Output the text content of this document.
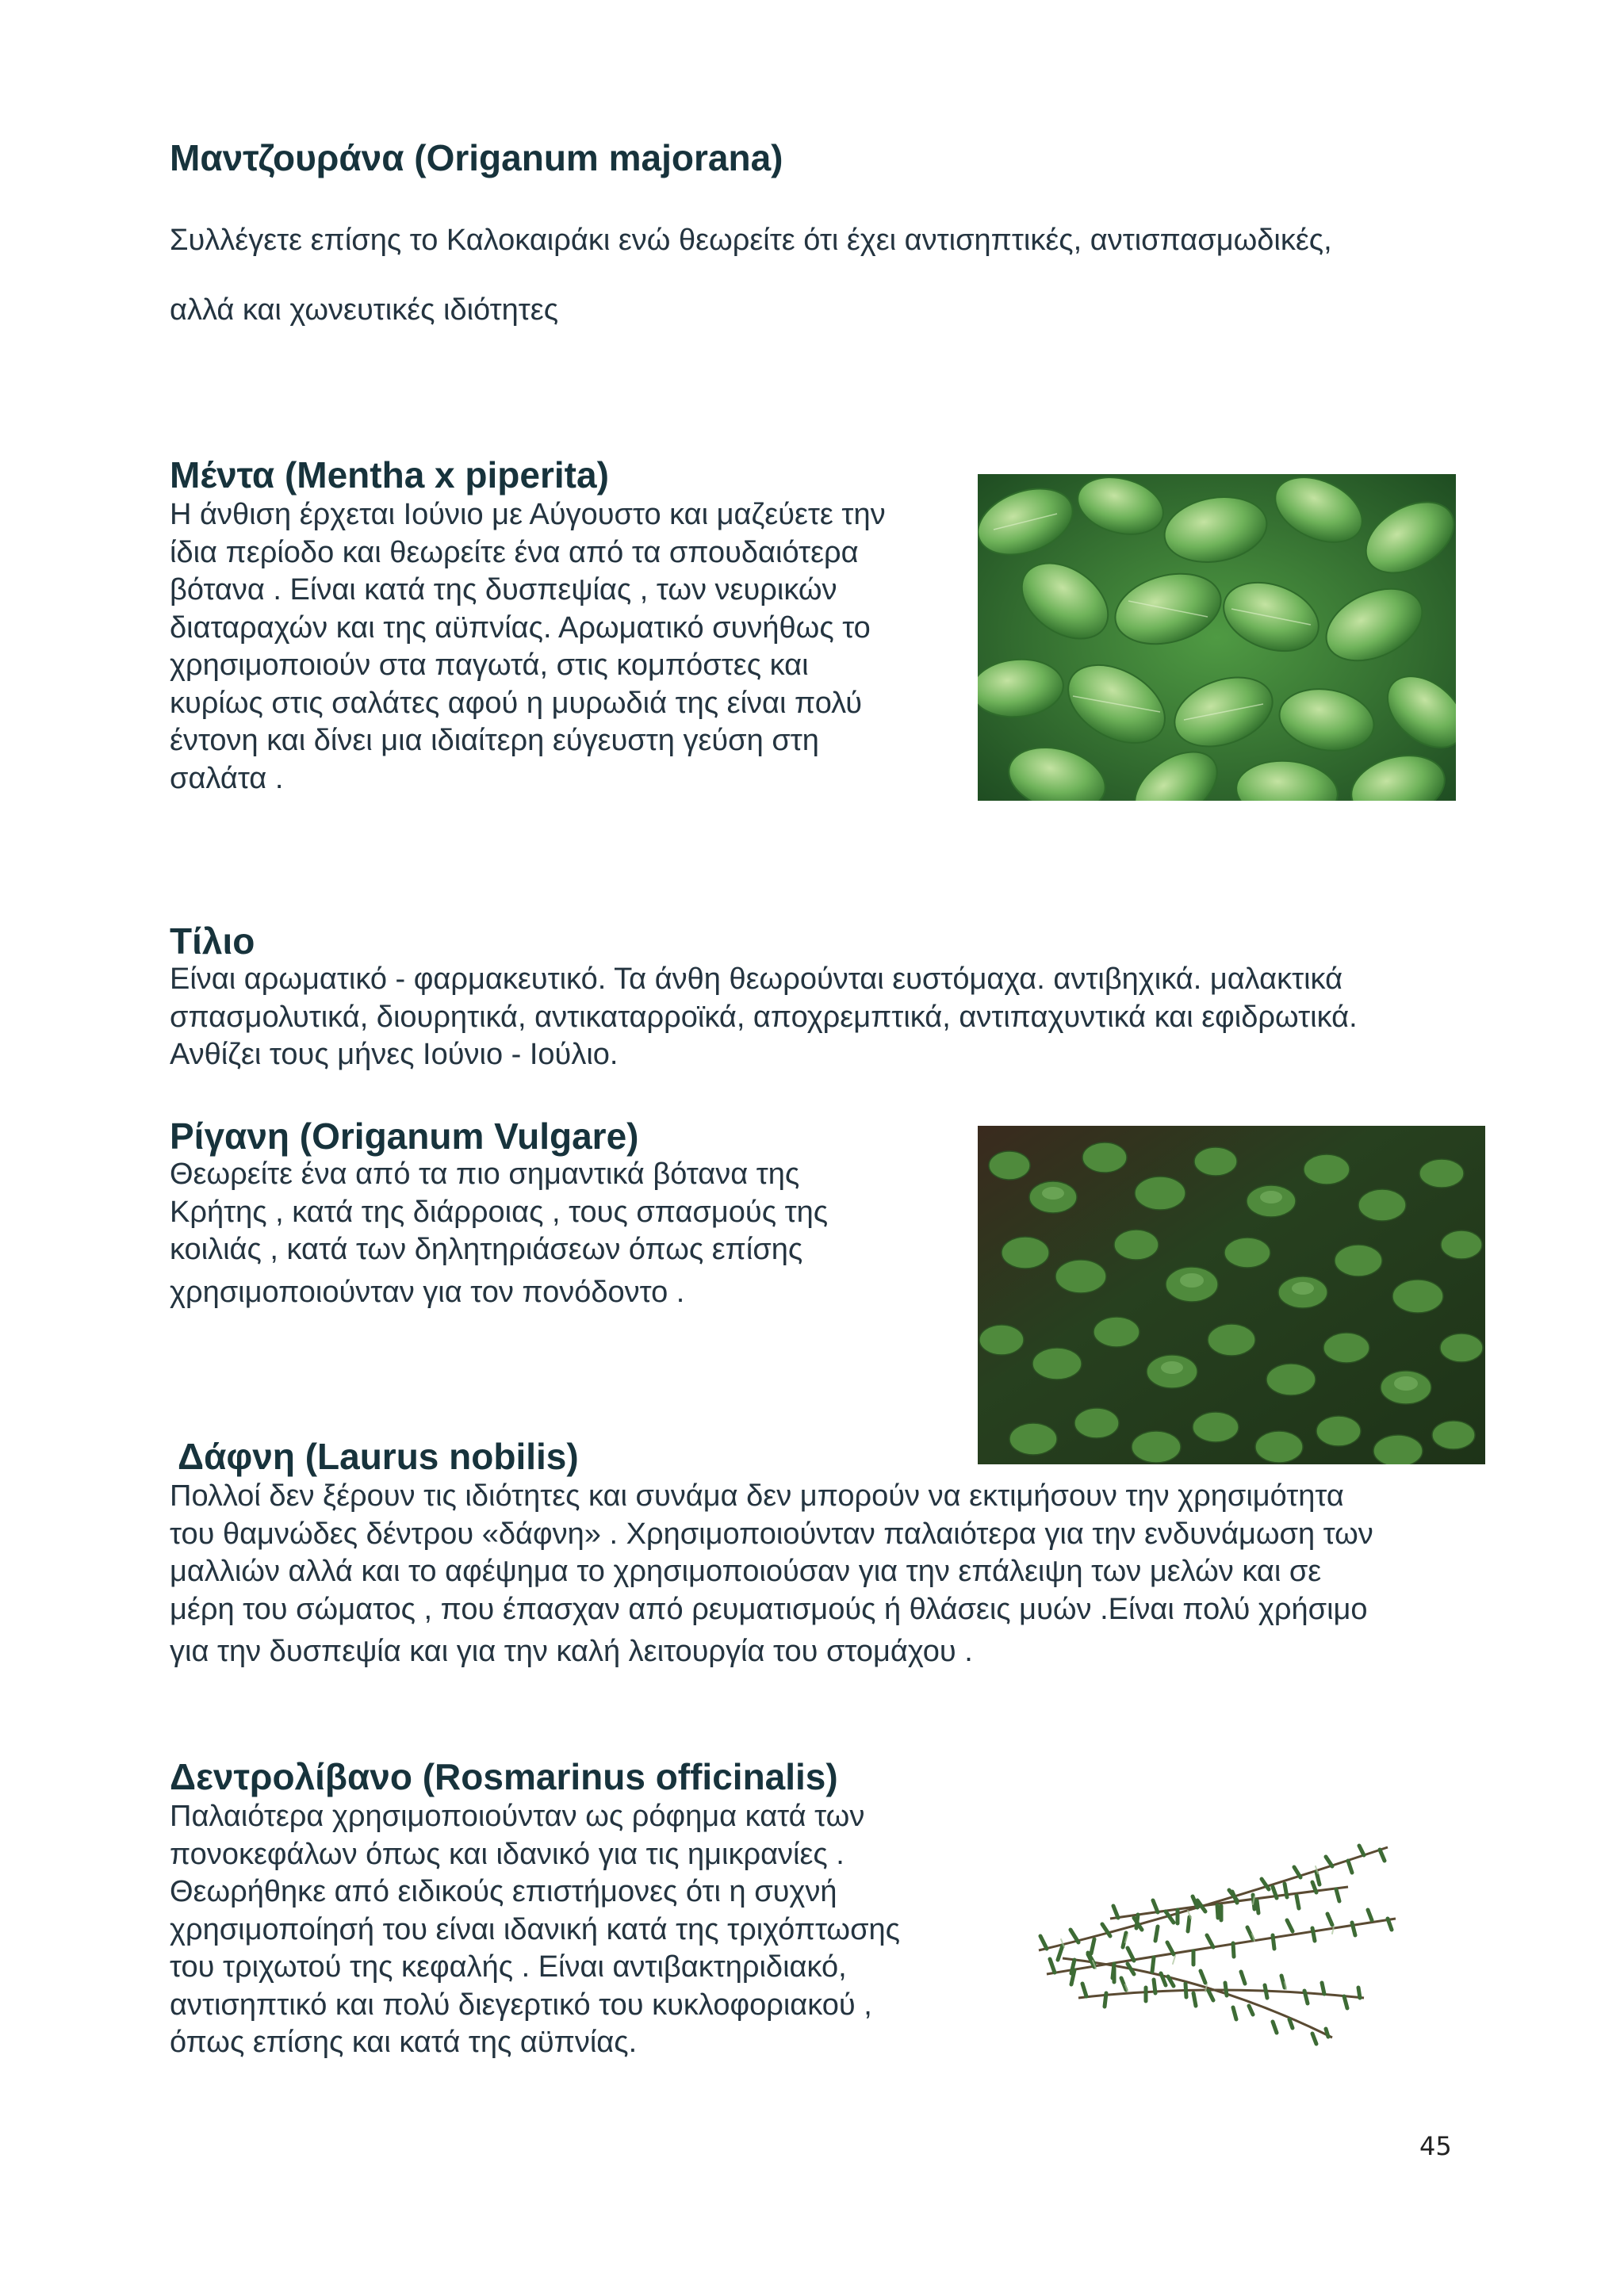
Μαντζουράνα (Origanum majorana)
Συλλέγετε επίσης το Καλοκαιράκι ενώ θεωρείτε ότι έχει αντισηπτικές, αντισπασμωδικές,
αλλά και χωνευτικές ιδιότητες
Μέντα (Mentha x piperita)
Η άνθιση έρχεται Ιούνιο με Αύγουστο και μαζεύετε την
ίδια περίοδο και θεωρείτε ένα από τα σπουδαιότερα
βότανα . Είναι κατά της δυσπεψίας , των νευρικών
διαταραχών και της αϋπνίας. Αρωματικό συνήθως το
χρησιμοποιούν στα παγωτά, στις κομπόστες και
κυρίως στις σαλάτες αφού η μυρωδιά της είναι πολύ
έντονη και δίνει μια ιδιαίτερη εύγευστη γεύση στη
σαλάτα .
Τίλιο
Είναι αρωματικό - φαρμακευτικό. Τα άνθη θεωρούνται ευστόμαχα. αντιβηχικά. μαλακτικά
σπασμολυτικά, διουρητικά, αντικαταρροϊκά, αποχρεμπτικά, αντιπαχυντικά και εφιδρωτικά.
Ανθίζει τους μήνες Ιούνιο - Ιούλιο.
Ρίγανη (Origanum Vulgare)
Θεωρείτε ένα από τα πιο σημαντικά βότανα της
Κρήτης , κατά της διάρροιας , τους σπασμούς της
κοιλιάς , κατά των δηλητηριάσεων όπως επίσης
χρησιμοποιούνταν για τον πονόδοντο .
Δάφνη (Laurus nobilis)
Πολλοί δεν ξέρουν τις ιδιότητες και συνάμα δεν μπορούν να εκτιμήσουν την χρησιμότητα
του θαμνώδες δέντρου «δάφνη» . Χρησιμοποιούνταν παλαιότερα για την ενδυνάμωση των
μαλλιών αλλά και το αφέψημα το χρησιμοποιούσαν για την επάλειψη των μελών και σε
μέρη του σώματος , που έπασχαν από ρευματισμούς ή θλάσεις μυών .Είναι πολύ χρήσιμο
για την δυσπεψία και για την καλή λειτουργία του στομάχου .
Δεντρολίβανο (Rosmarinus officinalis)
Παλαιότερα χρησιμοποιούνταν ως ρόφημα κατά των
πονοκεφάλων όπως και ιδανικό για τις ημικρανίες .
Θεωρήθηκε από ειδικούς επιστήμονες ότι η συχνή
χρησιμοποίησή του είναι ιδανική κατά της τριχόπτωσης
του τριχωτού της κεφαλής . Είναι αντιβακτηριδιακό,
αντισηπτικό και πολύ διεγερτικό του κυκλοφοριακού ,
όπως επίσης και κατά της αϋπνίας.
45
